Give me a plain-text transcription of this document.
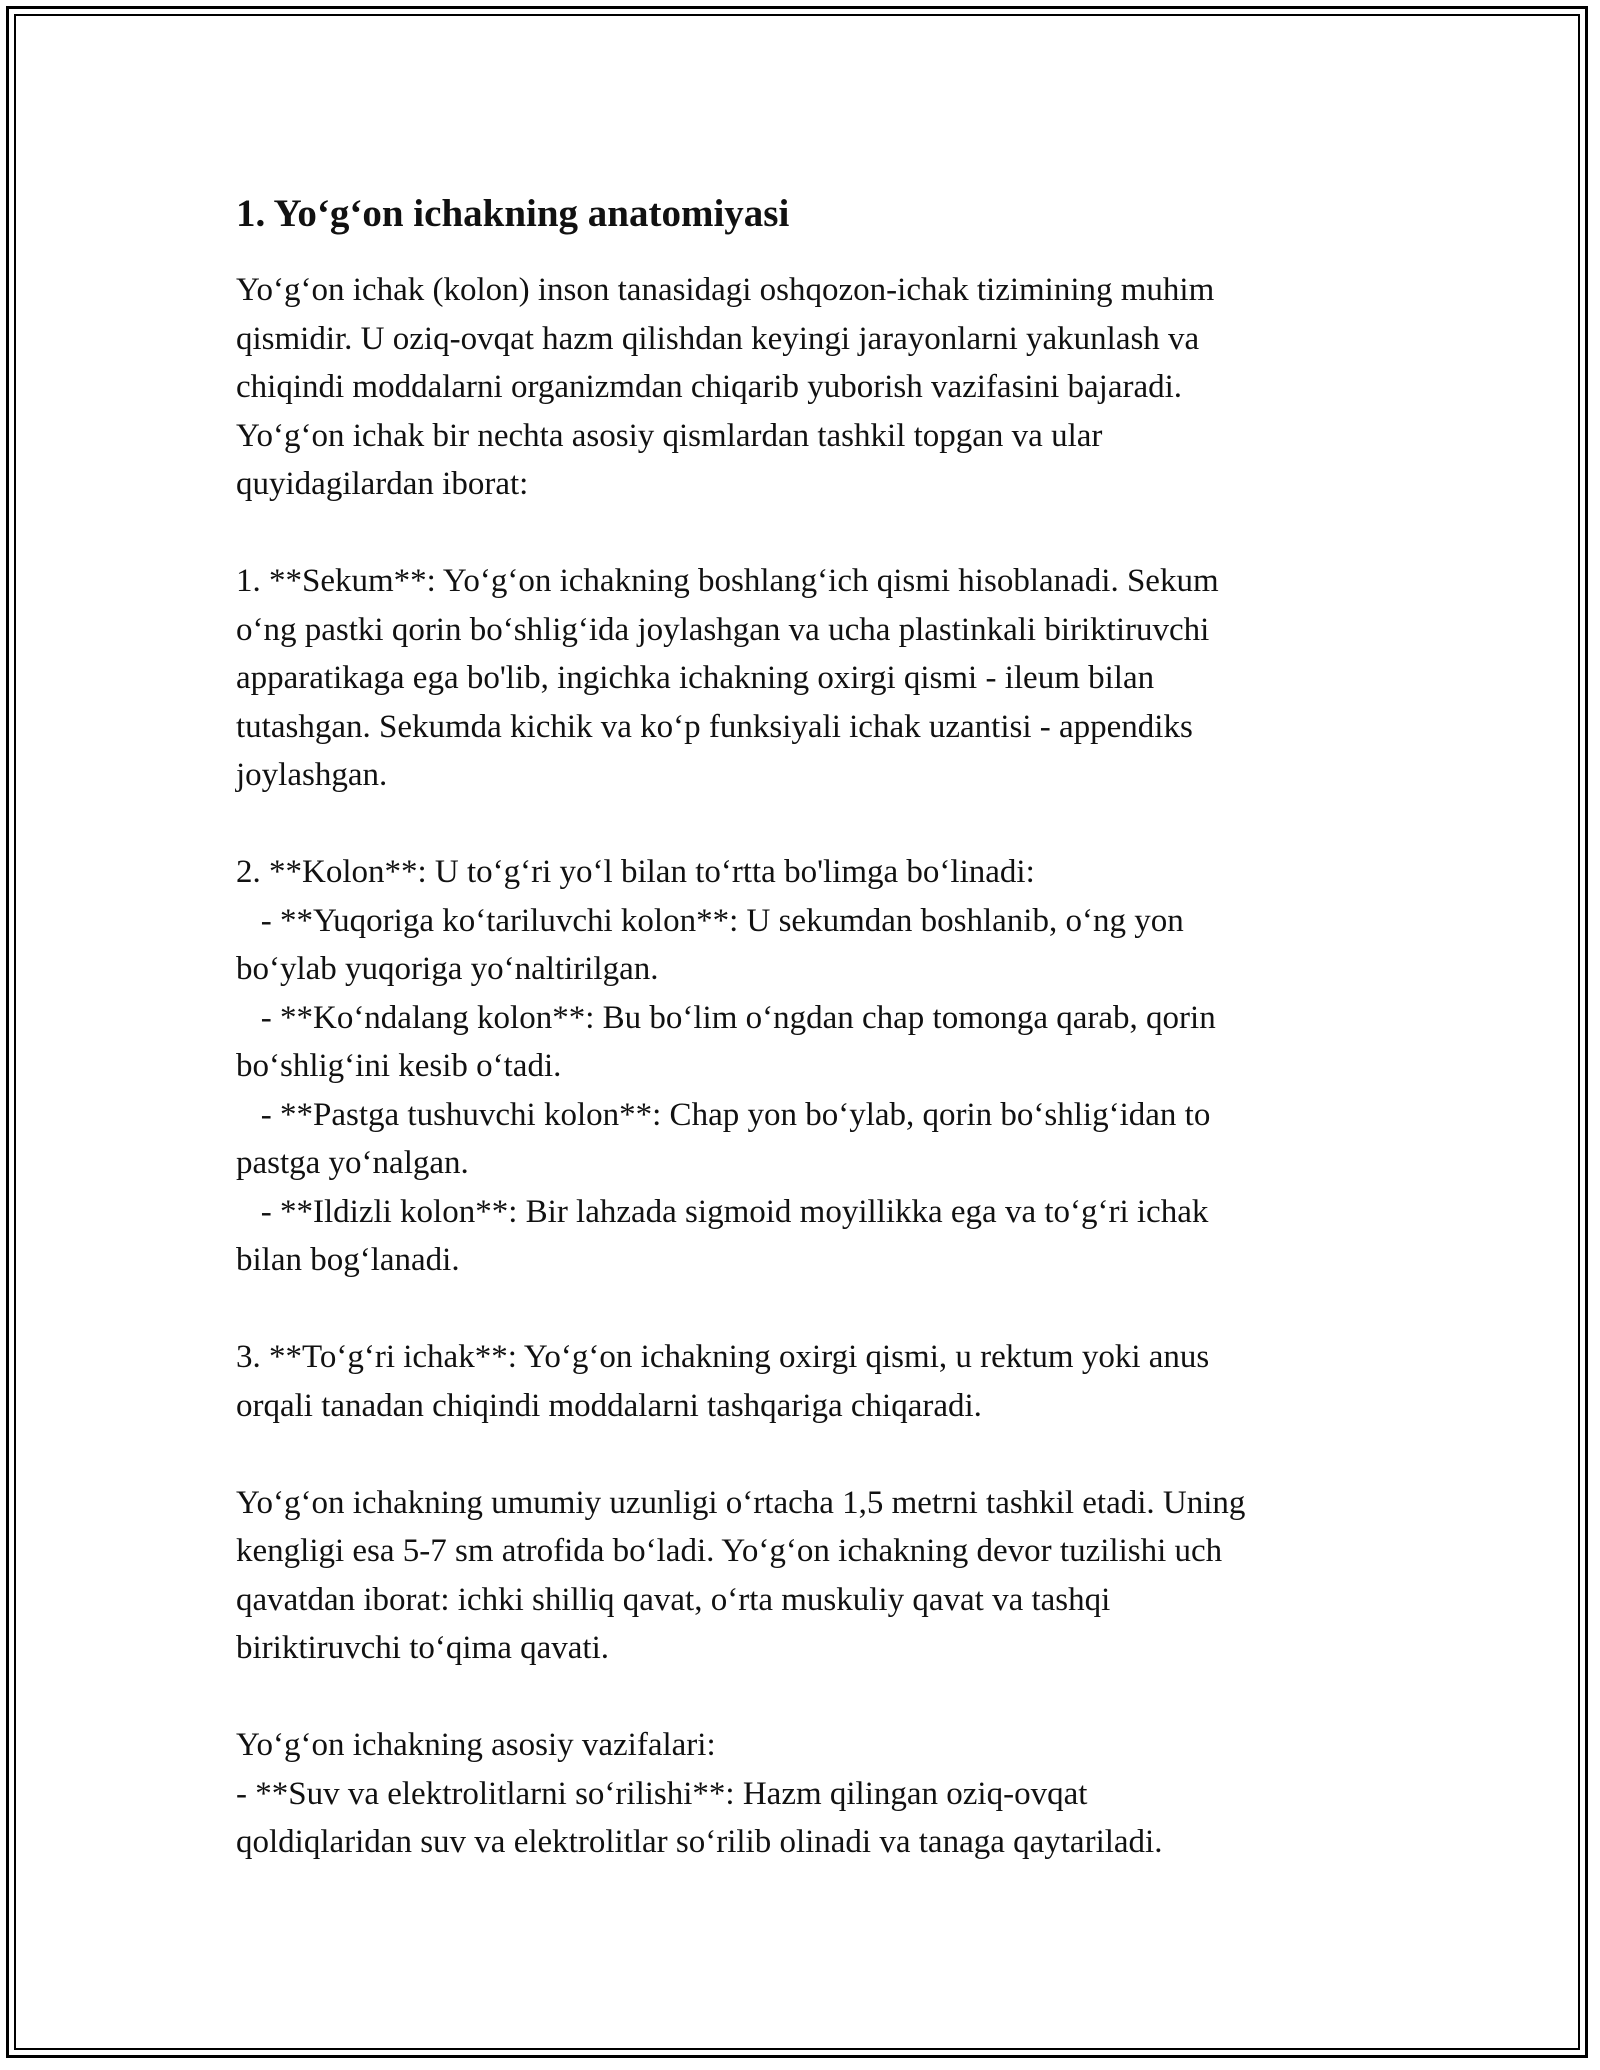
1. Yo‘g‘on ichakning anatomiyasi

Yo‘g‘on ichak (kolon) inson tanasidagi oshqozon-ichak tizimining muhim
qismidir. U oziq-ovqat hazm qilishdan keyingi jarayonlarni yakunlash va
chiqindi moddalarni organizmdan chiqarib yuborish vazifasini bajaradi.
Yo‘g‘on ichak bir nechta asosiy qismlardan tashkil topgan va ular
quyidagilardan iborat:

1. **Sekum**: Yo‘g‘on ichakning boshlang‘ich qismi hisoblanadi. Sekum
o‘ng pastki qorin bo‘shlig‘ida joylashgan va ucha plastinkali biriktiruvchi
apparatikaga ega bo'lib, ingichka ichakning oxirgi qismi - ileum bilan
tutashgan. Sekumda kichik va ko‘p funksiyali ichak uzantisi - appendiks
joylashgan.

2. **Kolon**: U to‘g‘ri yo‘l bilan to‘rtta bo'limga bo‘linadi:
- **Yuqoriga ko‘tariluvchi kolon**: U sekumdan boshlanib, o‘ng yon
bo‘ylab yuqoriga yo‘naltirilgan.
- **Ko‘ndalang kolon**: Bu bo‘lim o‘ngdan chap tomonga qarab, qorin
bo‘shlig‘ini kesib o‘tadi.
- **Pastga tushuvchi kolon**: Chap yon bo‘ylab, qorin bo‘shlig‘idan to
pastga yo‘nalgan.
- **Ildizli kolon**: Bir lahzada sigmoid moyillikka ega va to‘g‘ri ichak
bilan bog‘lanadi.

3. **To‘g‘ri ichak**: Yo‘g‘on ichakning oxirgi qismi, u rektum yoki anus
orqali tanadan chiqindi moddalarni tashqariga chiqaradi.

Yo‘g‘on ichakning umumiy uzunligi o‘rtacha 1,5 metrni tashkil etadi. Uning
kengligi esa 5-7 sm atrofida bo‘ladi. Yo‘g‘on ichakning devor tuzilishi uch
qavatdan iborat: ichki shilliq qavat, o‘rta muskuliy qavat va tashqi
biriktiruvchi to‘qima qavati.

Yo‘g‘on ichakning asosiy vazifalari:
- **Suv va elektrolitlarni so‘rilishi**: Hazm qilingan oziq-ovqat
qoldiqlaridan suv va elektrolitlar so‘rilib olinadi va tanaga qaytariladi.
